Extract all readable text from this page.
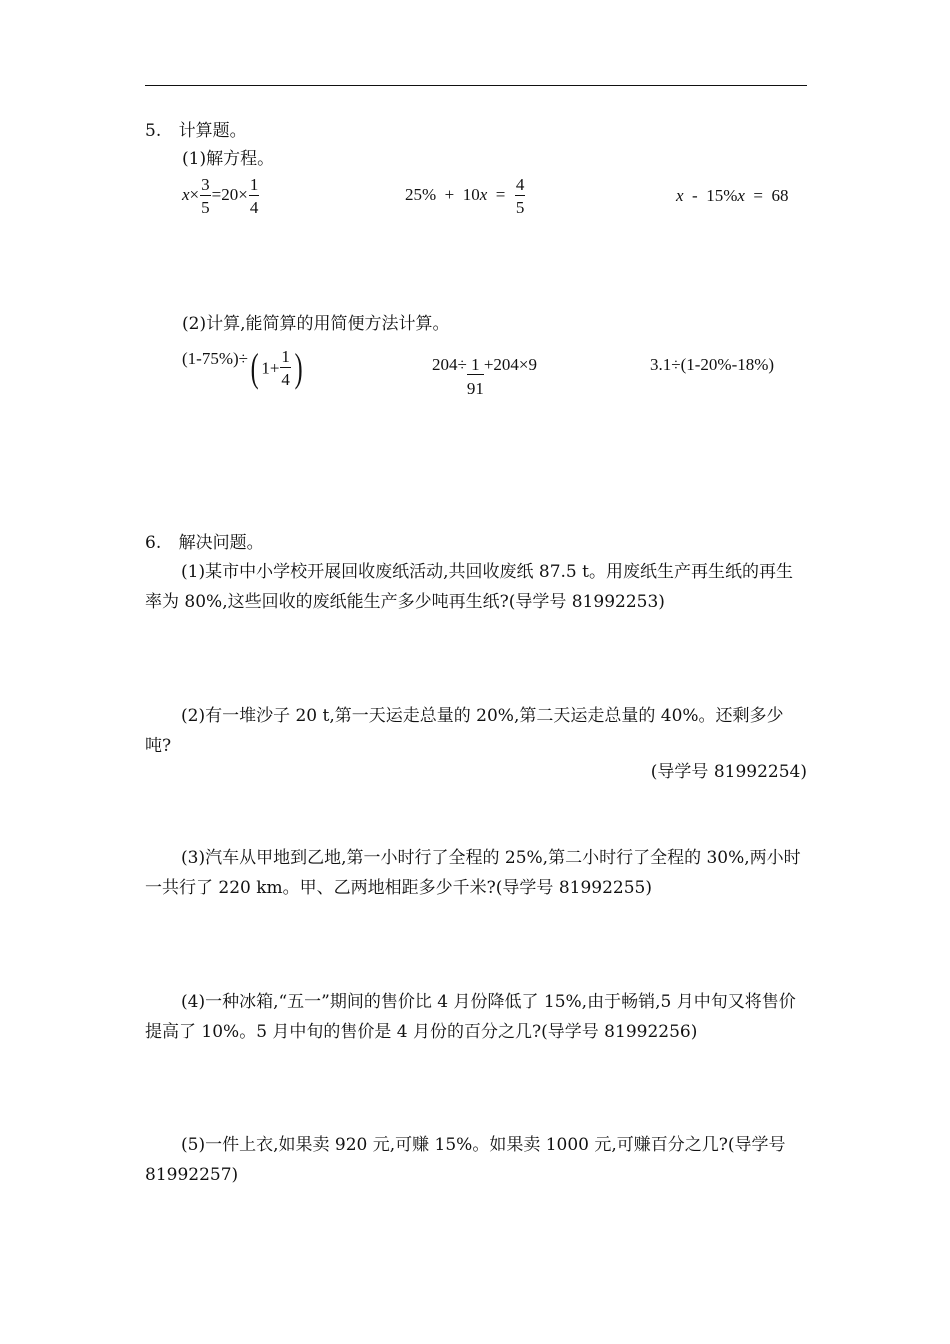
5. 计算题。
(1)解方程。
$x\times \frac{3}{5} =20\times \frac{1}{4}$	$25\% + 10x = \frac{4}{5}$	x  -  15%x  =  68
(2)计算,能简算的用简便方法计算。
(1-75%)÷( $1+ \frac{1}{4}$ )	$204\div \frac{1}{91} +204\times 9$	3.1÷(1-20%-18%)
6. 解决问题。
(1)某市中小学校开展回收废纸活动,共回收废纸 87.5 t。用废纸生产再生纸的再生率为 80%,这些回收的废纸能生产多少吨再生纸?(导学号 81992253)
(2)有一堆沙子 20 t,第一天运走总量的 20%,第二天运走总量的 40%。还剩多少吨?
(导学号 81992254)
(3)汽车从甲地到乙地,第一小时行了全程的 25%,第二小时行了全程的 30%,两小时一共行了 220 km。甲、乙两地相距多少千米?(导学号 81992255)
(4)一种冰箱,“五一”期间的售价比 4 月份降低了 15%,由于畅销,5 月中旬又将售价提高了 10%。5 月中旬的售价是 4 月份的百分之几?(导学号 81992256)
(5)一件上衣,如果卖 920 元,可赚 15%。如果卖 1000 元,可赚百分之几?(导学号 81992257)
